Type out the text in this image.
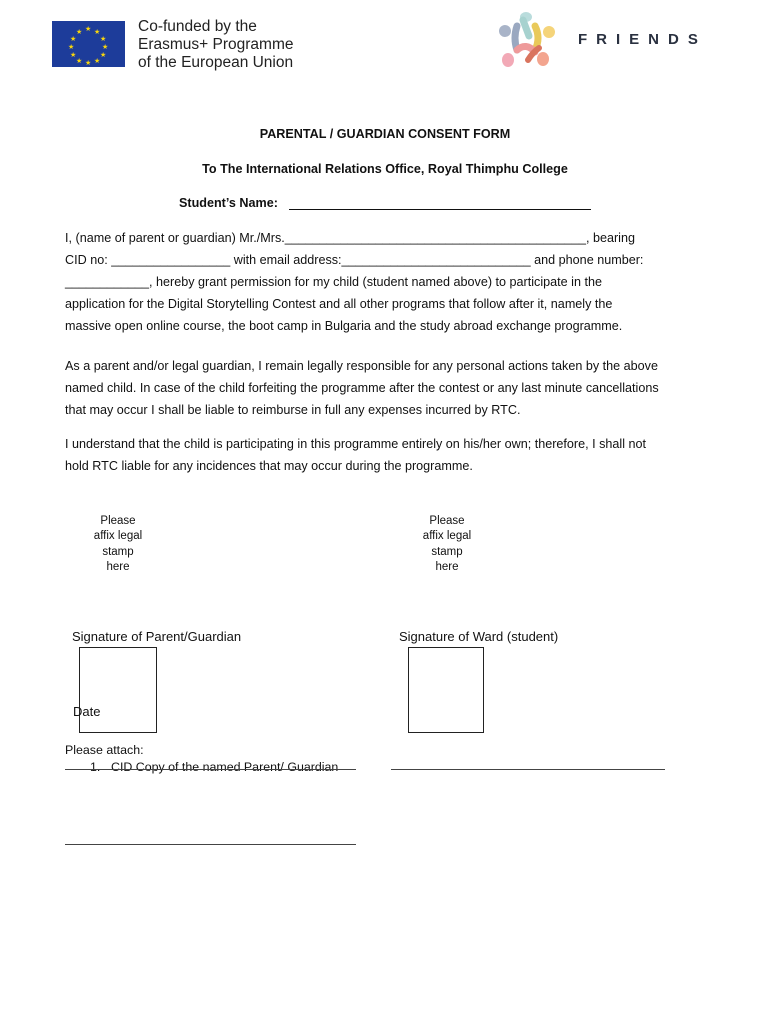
★ ★
★
★
★
★
★
★
★
★
★
★	Co-funded by the
Erasmus+ Programme
of the European Union
FRIENDS
PARENTAL / GUARDIAN CONSENT FORM
To The International Relations Office, Royal Thimphu College
Student’s Name:
I, (name of parent or guardian) Mr./Mrs.___________________________________________, bearing
CID no: _________________ with email address:___________________________ and phone number:
____________, hereby grant permission for my child (student named above) to participate in the
application for the Digital Storytelling Contest and all other programs that follow after it, namely the
massive open online course, the boot camp in Bulgaria and the study abroad exchange programme.
As a parent and/or legal guardian, I remain legally responsible for any personal actions taken by the above
named child. In case of the child forfeiting the programme after the contest or any last minute cancellations
that may occur I shall be liable to reimburse in full any expenses incurred by RTC.
I understand that the child is participating in this programme entirely on his/her own; therefore, I shall not
hold RTC liable for any incidences that may occur during the programme.
Please
affix legal
stamp
here
Please
affix legal
stamp
here
Signature of Parent/Guardian	Signature of Ward (student)
Date
Please attach:
1. CID Copy of the named Parent/ Guardian
